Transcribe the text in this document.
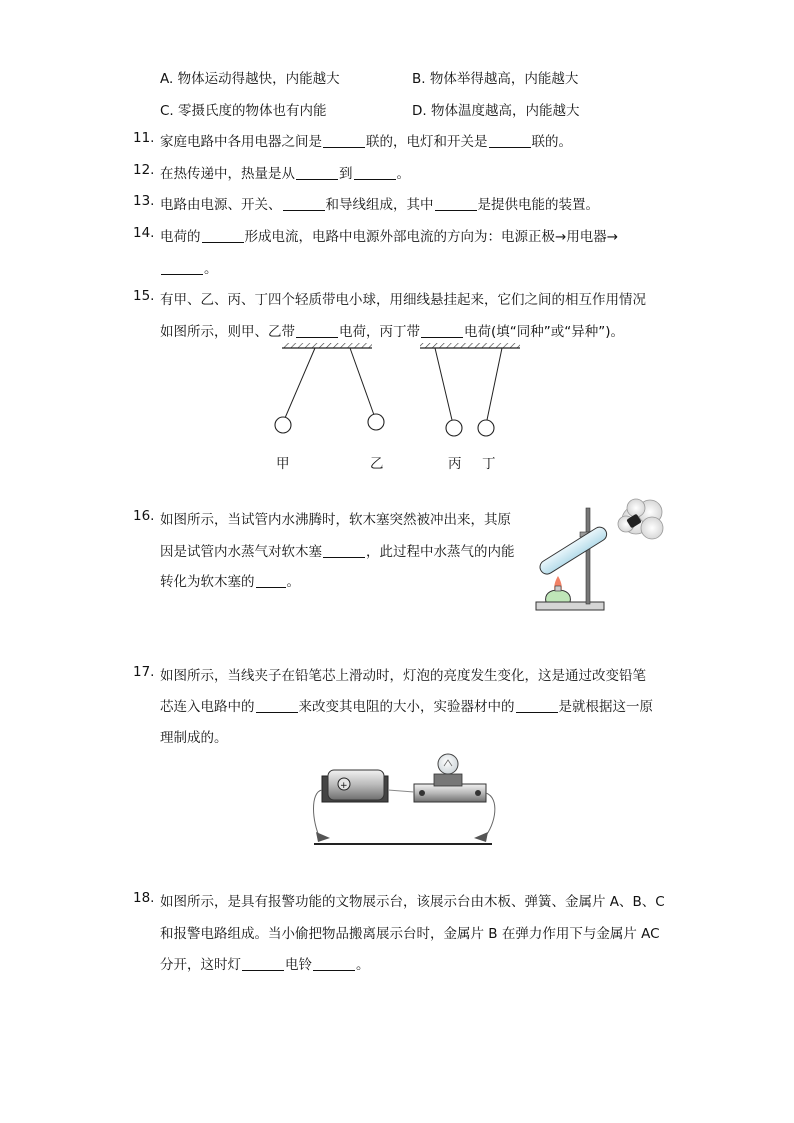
A. 物体运动得越快，内能越大	B. 物体举得越高，内能越大
C. 零摄氏度的物体也有内能	D. 物体温度越高，内能越大
11. 家庭电路中各用电器之间是	联的，电灯和开关是	联的。
12. 在热传递中，热量是从	到	。
13. 电路由电源、开关、	和导线组成，其中	是提供电能的装置。
14. 电荷的	形成电流，电路中电源外部电流的方向为：电源正极→用电器→
。
15. 有甲、乙、丙、丁四个轻质带电小球，用细线悬挂起来，它们之间的相互作用情况
如图所示，则甲、乙带	电荷，丙丁带	电荷(填“同种”或“异种”)。
甲	乙	丙 丁
16. 如图所示，当试管内水沸腾时，软木塞突然被冲出来，其原
因是试管内水蒸气对软木塞	，此过程中水蒸气的内能
转化为软木塞的 。
如图所示，当线夹子在铅笔芯上滑动时，灯泡的亮度发生变化，这是通过改变铅笔
17.
芯连入电路中的	来改变其电阻的大小，实验器材中的	是就根据这一原
理制成的。
+
18. 如图所示，是具有报警功能的文物展示台，该展示台由木板、弹簧、金属片 A、B、C
和报警电路组成。当小偷把物品搬离展示台时，金属片 B 在弹力作用下与金属片 AC
分开，这时灯	电铃	。
